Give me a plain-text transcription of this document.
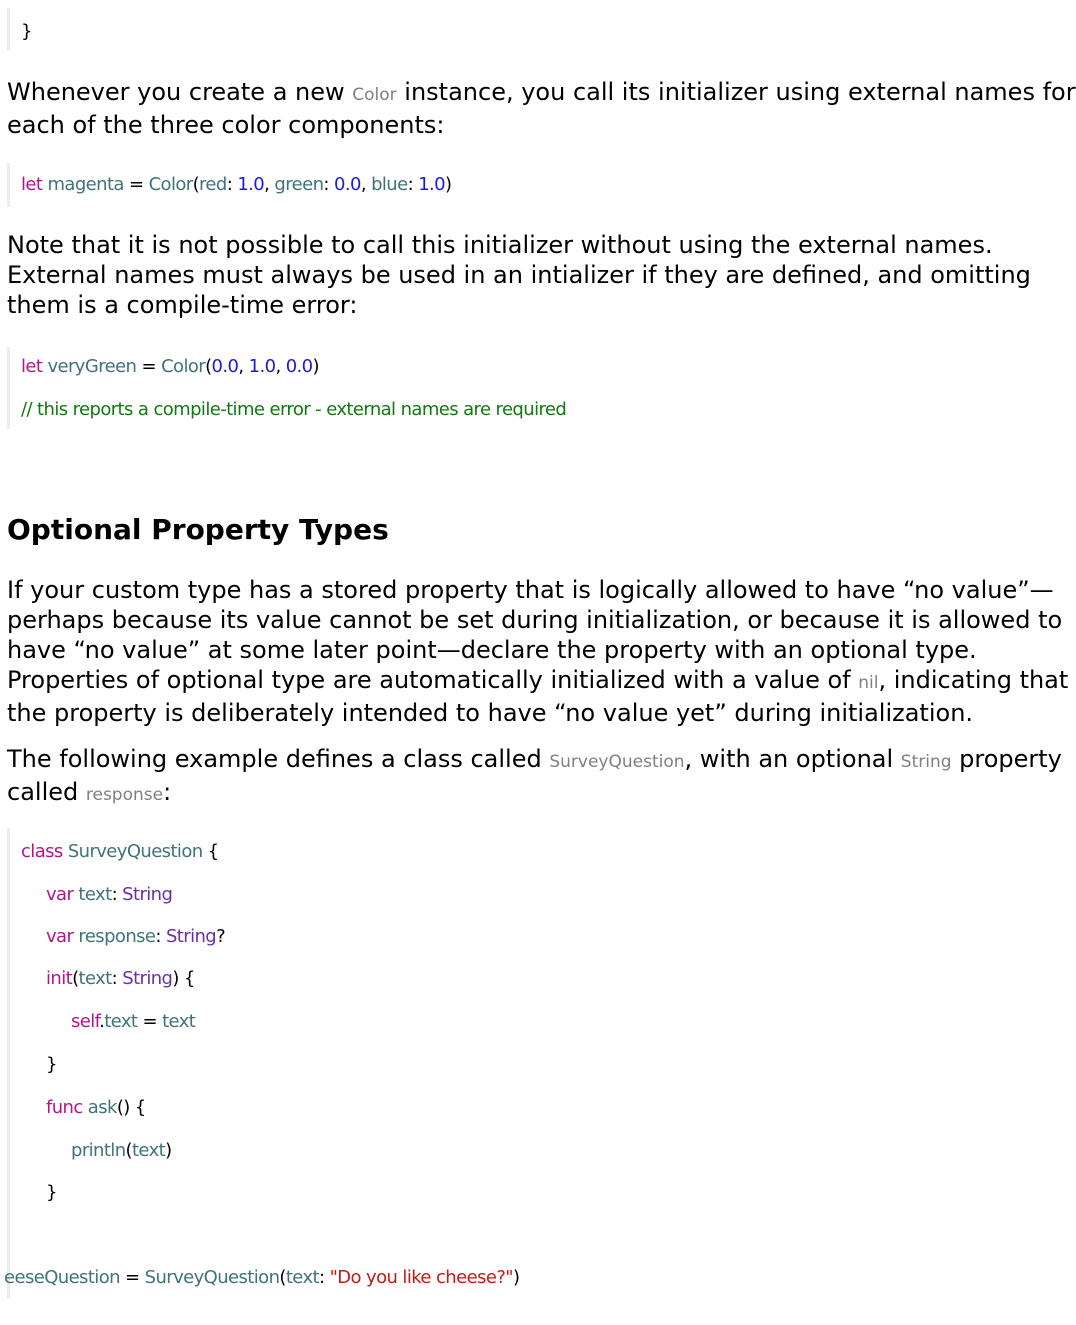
}

Whenever you create a new Color instance, you call its initializer using external names for
each of the three color components:

let magenta = Color(red: 1.0, green: 0.0, blue: 1.0)

Note that it is not possible to call this initializer without using the external names.
External names must always be used in an intializer if they are defined, and omitting
them is a compile-time error:

let veryGreen = Color(0.0, 1.0, 0.0)
// this reports a compile-time error - external names are required
Optional Property Types

If your custom type has a stored property that is logically allowed to have “no value”—
perhaps because its value cannot be set during initialization, or because it is allowed to
have “no value” at some later point—declare the property with an optional type.
Properties of optional type are automatically initialized with a value of nil, indicating that
the property is deliberately intended to have “no value yet” during initialization.

The following example defines a class called SurveyQuestion, with an optional String property
called response:

class SurveyQuestion {
var text: String
var response: String?
init(text: String) {
self.text = text
}
func ask() {
println(text)
}
eeseQuestion = SurveyQuestion(text: "Do you like cheese?")
